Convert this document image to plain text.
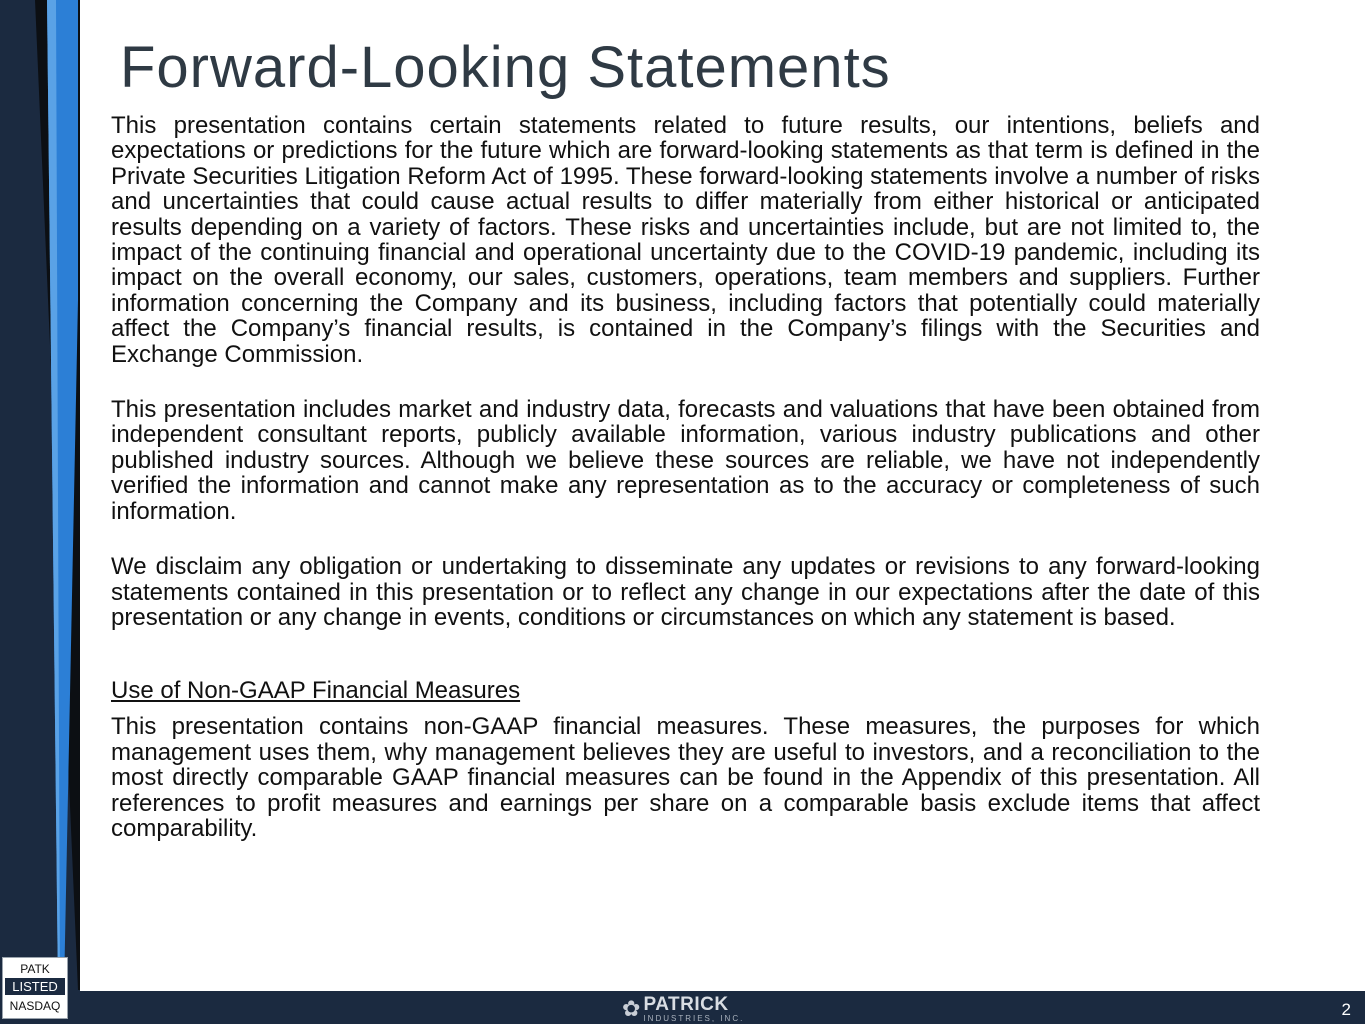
Forward-Looking Statements

This presentation contains certain statements related to future results, our intentions, beliefs and expectations or predictions for the future which are forward-looking statements as that term is defined in the Private Securities Litigation Reform Act of 1995. These forward-looking statements involve a number of risks and uncertainties that could cause actual results to differ materially from either historical or anticipated results depending on a variety of factors. These risks and uncertainties include, but are not limited to, the impact of the continuing financial and operational uncertainty due to the COVID-19 pandemic, including its impact on the overall economy, our sales, customers, operations, team members and suppliers. Further information concerning the Company and its business, including factors that potentially could materially affect the Company’s financial results, is contained in the Company’s filings with the Securities and Exchange Commission.

This presentation includes market and industry data, forecasts and valuations that have been obtained from independent consultant reports, publicly available information, various industry publications and other published industry sources. Although we believe these sources are reliable, we have not independently verified the information and cannot make any representation as to the accuracy or completeness of such information.

We disclaim any obligation or undertaking to disseminate any updates or revisions to any forward-looking statements contained in this presentation or to reflect any change in our expectations after the date of this presentation or any change in events, conditions or circumstances on which any statement is based.

Use of Non-GAAP Financial Measures

This presentation contains non-GAAP financial measures. These measures, the purposes for which management uses them, why management believes they are useful to investors, and a reconciliation to the most directly comparable GAAP financial measures can be found in the Appendix of this presentation. All references to profit measures and earnings per share on a comparable basis exclude items that affect comparability.

✿ PATRICK
INDUSTRIES, INC.	2
PATK
LISTED
NASDAQ
